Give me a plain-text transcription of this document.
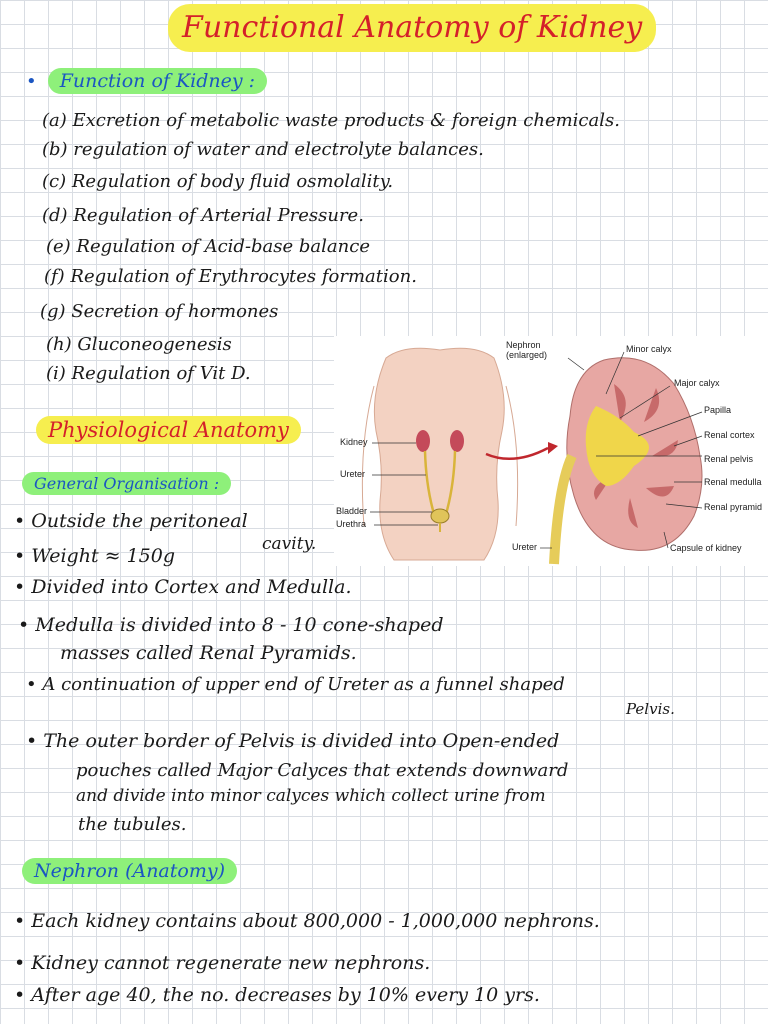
Functional Anatomy of Kidney
• Function of Kidney :
(a) Excretion of metabolic waste products & foreign chemicals.
(b) regulation of water and electrolyte balances.
(c) Regulation of body fluid osmolality.
(d) Regulation of Arterial Pressure.
(e) Regulation of Acid-base balance
(f) Regulation of Erythrocytes formation.
(g) Secretion of hormones
(h) Gluconeogenesis
(i) Regulation of Vit D.
Physiological Anatomy
General Organisation :
• Outside the peritoneal
cavity.
• Weight ≈ 150g
• Divided into Cortex and Medulla.
• Medulla is divided into 8 - 10 cone-shaped
masses called Renal Pyramids.
• A continuation of upper end of Ureter as a funnel shaped
Pelvis.
• The outer border of Pelvis is divided into Open-ended
pouches called Major Calyces that extends downward
and divide into minor calyces which collect urine from
the tubules.
Nephron (Anatomy)
• Each kidney contains about 800,000 - 1,000,000 nephrons.
• Kidney cannot regenerate new nephrons.
• After age 40, the no. decreases by 10% every 10 yrs.
Nephron
(enlarged)
Minor calyx
Major calyx
Papilla
Renal cortex
Renal pelvis
Renal medulla
Renal pyramid
Kidney
Ureter
Bladder
Urethra
Ureter	Capsule of kidney
